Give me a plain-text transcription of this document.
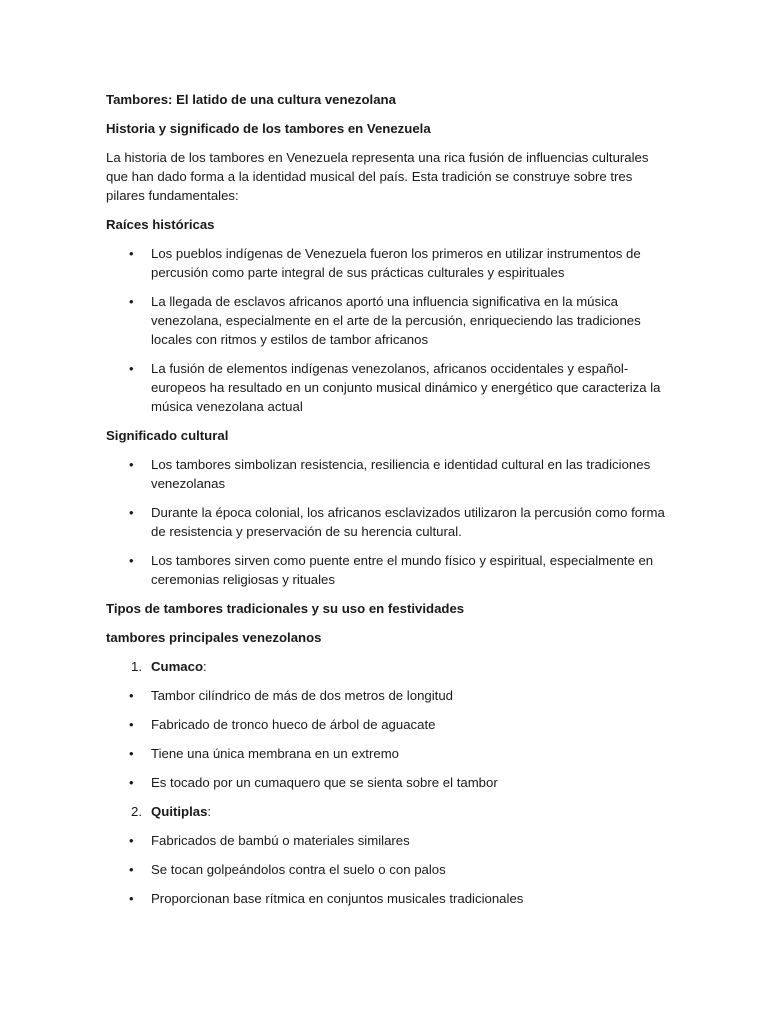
Tambores: El latido de una cultura venezolana

Historia y significado de los tambores en Venezuela

La historia de los tambores en Venezuela representa una rica fusión de influencias culturales que han dado forma a la identidad musical del país. Esta tradición se construye sobre tres pilares fundamentales:

Raíces históricas

• Los pueblos indígenas de Venezuela fueron los primeros en utilizar instrumentos de percusión como parte integral de sus prácticas culturales y espirituales
• La llegada de esclavos africanos aportó una influencia significativa en la música venezolana, especialmente en el arte de la percusión, enriqueciendo las tradiciones locales con ritmos y estilos de tambor africanos
• La fusión de elementos indígenas venezolanos, africanos occidentales y español-europeos ha resultado en un conjunto musical dinámico y energético que caracteriza la música venezolana actual

Significado cultural

• Los tambores simbolizan resistencia, resiliencia e identidad cultural en las tradiciones venezolanas
• Durante la época colonial, los africanos esclavizados utilizaron la percusión como forma de resistencia y preservación de su herencia cultural.
• Los tambores sirven como puente entre el mundo físico y espiritual, especialmente en ceremonias religiosas y rituales

Tipos de tambores tradicionales y su uso en festividades

tambores principales venezolanos

1. Cumaco:
• Tambor cilíndrico de más de dos metros de longitud
• Fabricado de tronco hueco de árbol de aguacate
• Tiene una única membrana en un extremo
• Es tocado por un cumaquero que se sienta sobre el tambor
2. Quitiplas:
• Fabricados de bambú o materiales similares
• Se tocan golpeándolos contra el suelo o con palos
• Proporcionan base rítmica en conjuntos musicales tradicionales
